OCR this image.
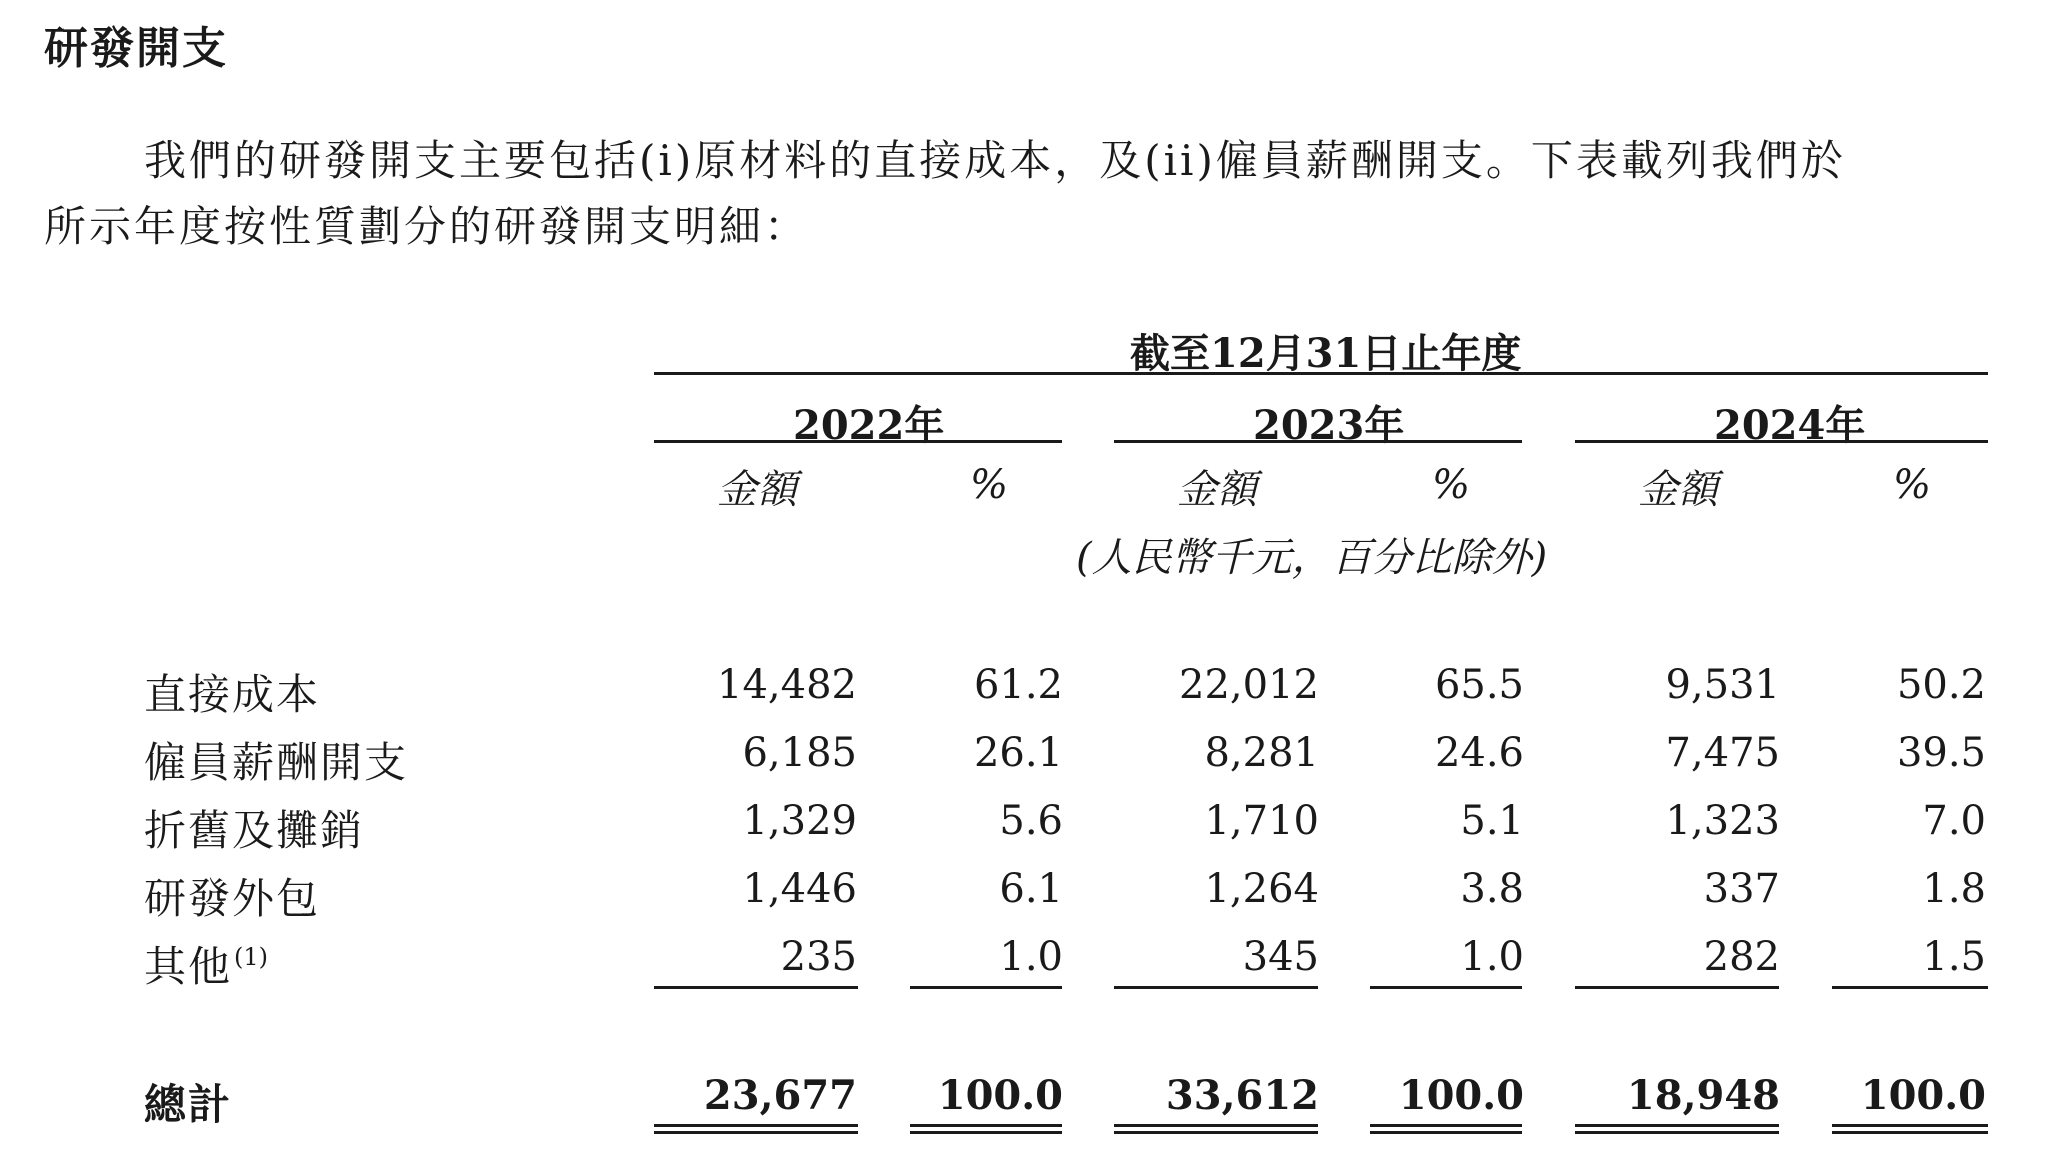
研發開支
我們的研發開支主要包括(i)原材料的直接成本，及(ii)僱員薪酬開支。下表載列我們於
所示年度按性質劃分的研發開支明細：
截至12月31日止年度
2022年	2023年	2024年
金額	%	金額	%	金額	%
(人民幣千元，百分比除外)
直接成本	14,482	61.2	22,012	65.5	9,531	50.2
僱員薪酬開支	6,185	26.1	8,281	24.6	7,475	39.5
折舊及攤銷	1,329	5.6	1,710	5.1	1,323	7.0
研發外包	1,446	6.1	1,264	3.8	337	1.8
其他$^{(1)}$	235	1.0	345	1.0	282	1.5
總計	23,677 100.0	33,612 100.0	18,948 100.0
